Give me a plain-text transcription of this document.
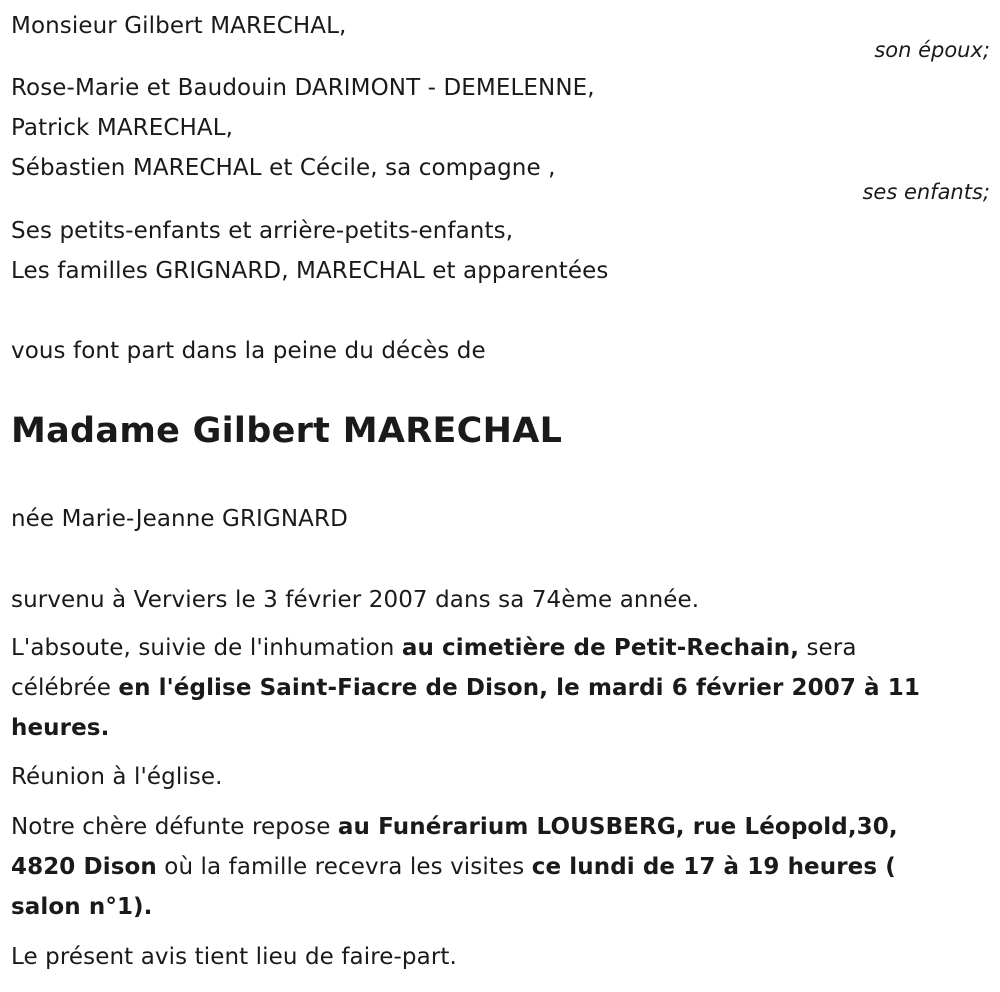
Monsieur Gilbert MARECHAL,
son époux;
Rose-Marie et Baudouin DARIMONT - DEMELENNE,
Patrick MARECHAL,
Sébastien MARECHAL et Cécile, sa compagne ,
ses enfants;
Ses petits-enfants et arrière-petits-enfants,
Les familles GRIGNARD, MARECHAL et apparentées
vous font part dans la peine du décès de
Madame Gilbert MARECHAL
née Marie-Jeanne GRIGNARD
survenu à Verviers le 3 février 2007 dans sa 74ème année.
L'absoute, suivie de l'inhumation au cimetière de Petit-Rechain, sera
célébrée en l'église Saint-Fiacre de Dison, le mardi 6 février 2007 à 11
heures.
Réunion à l'église.
Notre chère défunte repose au Funérarium LOUSBERG, rue Léopold,30,
4820 Dison où la famille recevra les visites ce lundi de 17 à 19 heures (
salon n°1).
Le présent avis tient lieu de faire-part.
